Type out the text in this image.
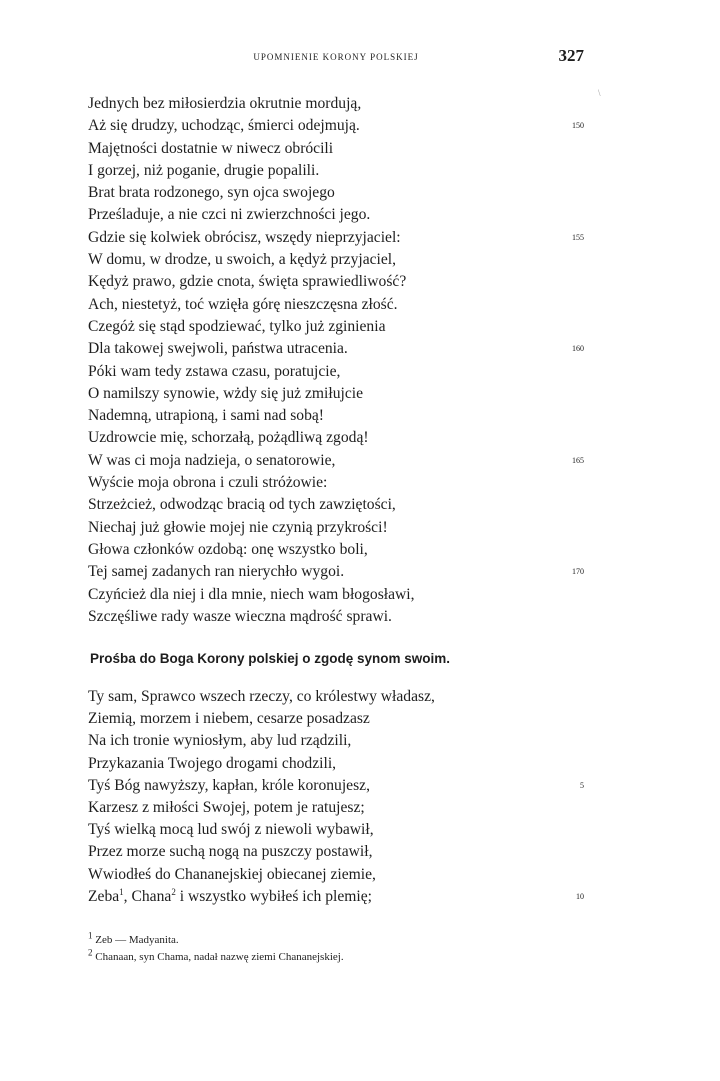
UPOMNIENIE KORONY POLSKIEJ	327
\
Jednych bez miłosierdzia okrutnie mordują,
Aż się drudzy, uchodząc, śmierci odejmują.	150
Majętności dostatnie w niwecz obrócili
I gorzej, niż poganie, drugie popalili.
Brat brata rodzonego, syn ojca swojego
Prześladuje, a nie czci ni zwierzchności jego.
Gdzie się kolwiek obrócisz, wszędy nieprzyjaciel:	155
W domu, w drodze, u swoich, a kędyż przyjaciel,
Kędyż prawo, gdzie cnota, święta sprawiedliwość?
Ach, niestetyż, toć wzięła górę nieszczęsna złość.
Czegóż się stąd spodziewać, tylko już zginienia
Dla takowej swejwoli, państwa utracenia.	160
Póki wam tedy zstawa czasu, poratujcie,
O namilszy synowie, wżdy się już zmiłujcie
Nademną, utrapioną, i sami nad sobą!
Uzdrowcie mię, schorzałą, pożądliwą zgodą!
W was ci moja nadzieja, o senatorowie,	165
Wyście moja obrona i czuli stróżowie:
Strzeżcież, odwodząc bracią od tych zawziętości,
Niechaj już głowie mojej nie czynią przykrości!
Głowa członków ozdobą: onę wszystko boli,
Tej samej zadanych ran nierychło wygoi.	170
Czyńcież dla niej i dla mnie, niech wam błogosławi,
Szczęśliwe rady wasze wieczna mądrość sprawi.
Prośba do Boga Korony polskiej o zgodę synom swoim.
Ty sam, Sprawco wszech rzeczy, co królestwy władasz,
Ziemią, morzem i niebem, cesarze posadzasz
Na ich tronie wyniosłym, aby lud rządzili,
Przykazania Twojego drogami chodzili,
Tyś Bóg nawyższy, kapłan, króle koronujesz,	5
Karzesz z miłości Swojej, potem je ratujesz;
Tyś wielką mocą lud swój z niewoli wybawił,
Przez morze suchą nogą na puszczy postawił,
Wwiodłeś do Chananejskiej obiecanej ziemie,
Zeba$^1$, Chana$^2$ i wszystko wybiłeś ich plemię;	10
$^1$ Zeb — Madyanita.
$^2$ Chanaan, syn Chama, nadał nazwę ziemi Chananejskiej.
